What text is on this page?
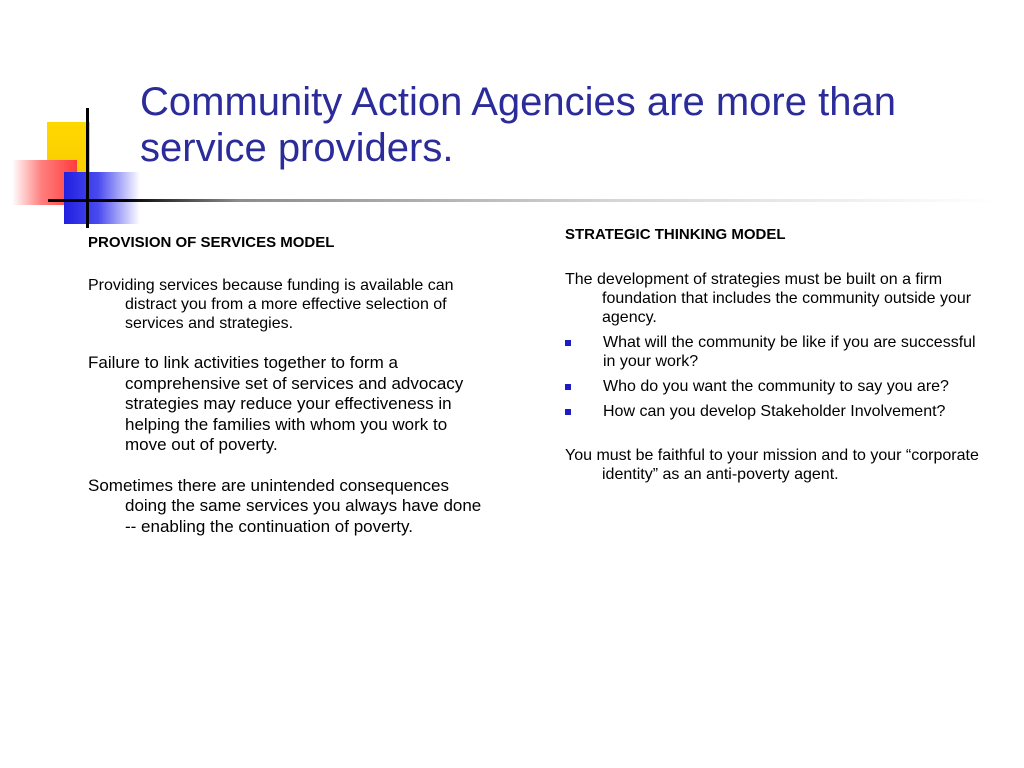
Community Action Agencies are more than service providers.

PROVISION OF SERVICES MODEL

Providing services because funding is available can distract you from a more effective selection of services and strategies.

Failure to link activities together to form a comprehensive set of services and advocacy strategies may reduce your effectiveness in helping the families with whom you work to move out of poverty.

Sometimes there are unintended consequences doing the same services you always have done -- enabling the continuation of poverty.

STRATEGIC THINKING MODEL

The development of strategies must be built on a firm foundation that includes the community outside your agency.

What will the community be like if you are successful in your work?
Who do you want the community to say you are?
How can you develop Stakeholder Involvement?

You must be faithful to your mission and to your “corporate identity” as an anti-poverty agent.
